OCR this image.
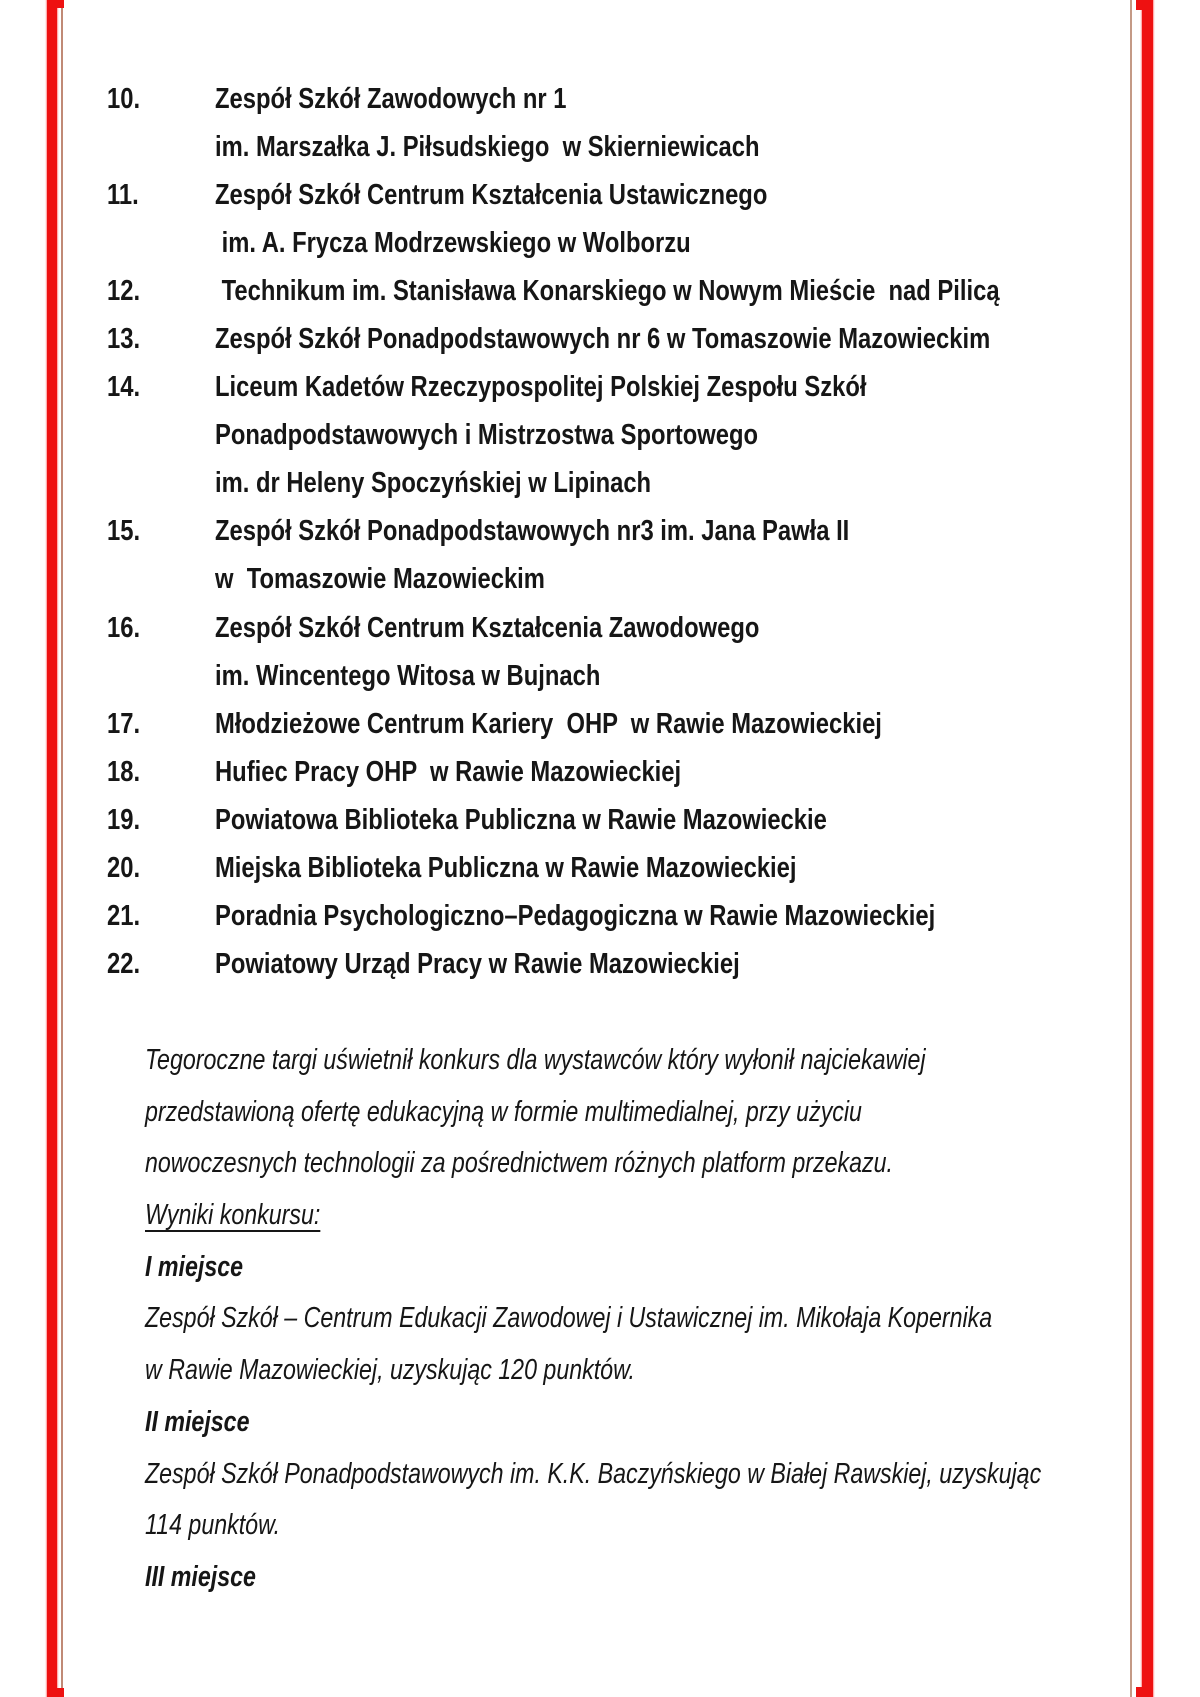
10.	Zespół Szkół Zawodowych nr 1
im. Marszałka J. Piłsudskiego  w Skierniewicach
11.	Zespół Szkół Centrum Kształcenia Ustawicznego
im. A. Frycza Modrzewskiego w Wolborzu
12.	Technikum im. Stanisława Konarskiego w Nowym Mieście  nad Pilicą
13.	Zespół Szkół Ponadpodstawowych nr 6 w Tomaszowie Mazowieckim
14.	Liceum Kadetów Rzeczypospolitej Polskiej Zespołu Szkół
Ponadpodstawowych i Mistrzostwa Sportowego
im. dr Heleny Spoczyńskiej w Lipinach
15.	Zespół Szkół Ponadpodstawowych nr3 im. Jana Pawła II
w  Tomaszowie Mazowieckim
16.	Zespół Szkół Centrum Kształcenia Zawodowego
im. Wincentego Witosa w Bujnach
17.	Młodzieżowe Centrum Kariery  OHP  w Rawie Mazowieckiej
18.	Hufiec Pracy OHP  w Rawie Mazowieckiej
19.	Powiatowa Biblioteka Publiczna w Rawie Mazowieckie
20.	Miejska Biblioteka Publiczna w Rawie Mazowieckiej
21.	Poradnia Psychologiczno–Pedagogiczna w Rawie Mazowieckiej
22.	Powiatowy Urząd Pracy w Rawie Mazowieckiej
Tegoroczne targi uświetnił konkurs dla wystawców który wyłonił najciekawiej
przedstawioną ofertę edukacyjną w formie multimedialnej, przy użyciu
nowoczesnych technologii za pośrednictwem różnych platform przekazu.
Wyniki konkursu:
I miejsce
Zespół Szkół – Centrum Edukacji Zawodowej i Ustawicznej im. Mikołaja Kopernika
w Rawie Mazowieckiej, uzyskując 120 punktów.
II miejsce
Zespół Szkół Ponadpodstawowych im. K.K. Baczyńskiego w Białej Rawskiej, uzyskując
114 punktów.
III miejsce
